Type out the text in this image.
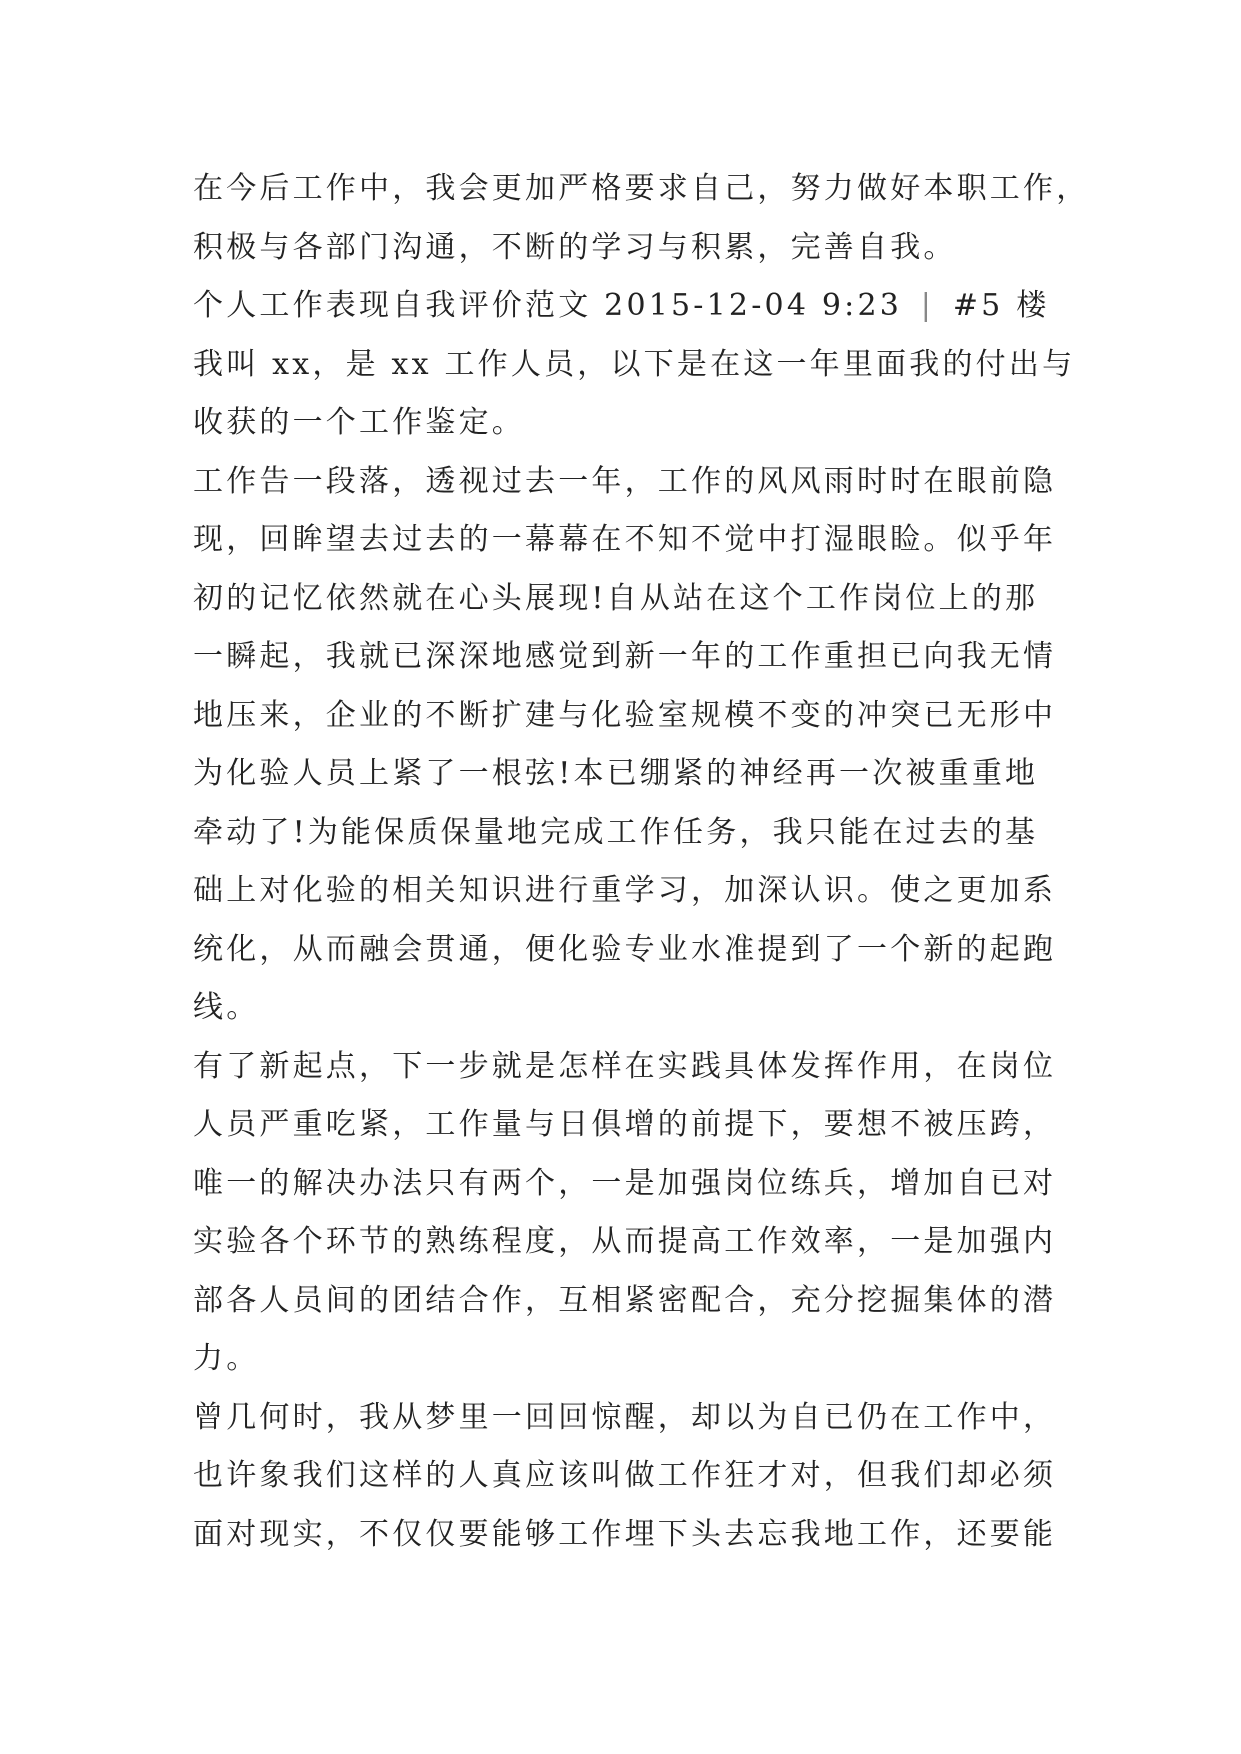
在今后工作中，我会更加严格要求自己，努力做好本职工作，
积极与各部门沟通，不断的学习与积累，完善自我。
个人工作表现自我评价范文 2015-12-04 9:23 | #5 楼
我叫 xx，是 xx 工作人员，以下是在这一年里面我的付出与
收获的一个工作鉴定。
工作告一段落，透视过去一年，工作的风风雨时时在眼前隐
现，回眸望去过去的一幕幕在不知不觉中打湿眼睑。似乎年
初的记忆依然就在心头展现!自从站在这个工作岗位上的那
一瞬起，我就已深深地感觉到新一年的工作重担已向我无情
地压来，企业的不断扩建与化验室规模不变的冲突已无形中
为化验人员上紧了一根弦!本已绷紧的神经再一次被重重地
牵动了!为能保质保量地完成工作任务，我只能在过去的基
础上对化验的相关知识进行重学习，加深认识。使之更加系
统化，从而融会贯通，便化验专业水准提到了一个新的起跑
线。
有了新起点，下一步就是怎样在实践具体发挥作用，在岗位
人员严重吃紧，工作量与日俱增的前提下，要想不被压跨，
唯一的解决办法只有两个，一是加强岗位练兵，增加自已对
实验各个环节的熟练程度，从而提高工作效率，一是加强内
部各人员间的团结合作，互相紧密配合，充分挖掘集体的潜
力。
曾几何时，我从梦里一回回惊醒，却以为自已仍在工作中，
也许象我们这样的人真应该叫做工作狂才对，但我们却必须
面对现实，不仅仅要能够工作埋下头去忘我地工作，还要能
